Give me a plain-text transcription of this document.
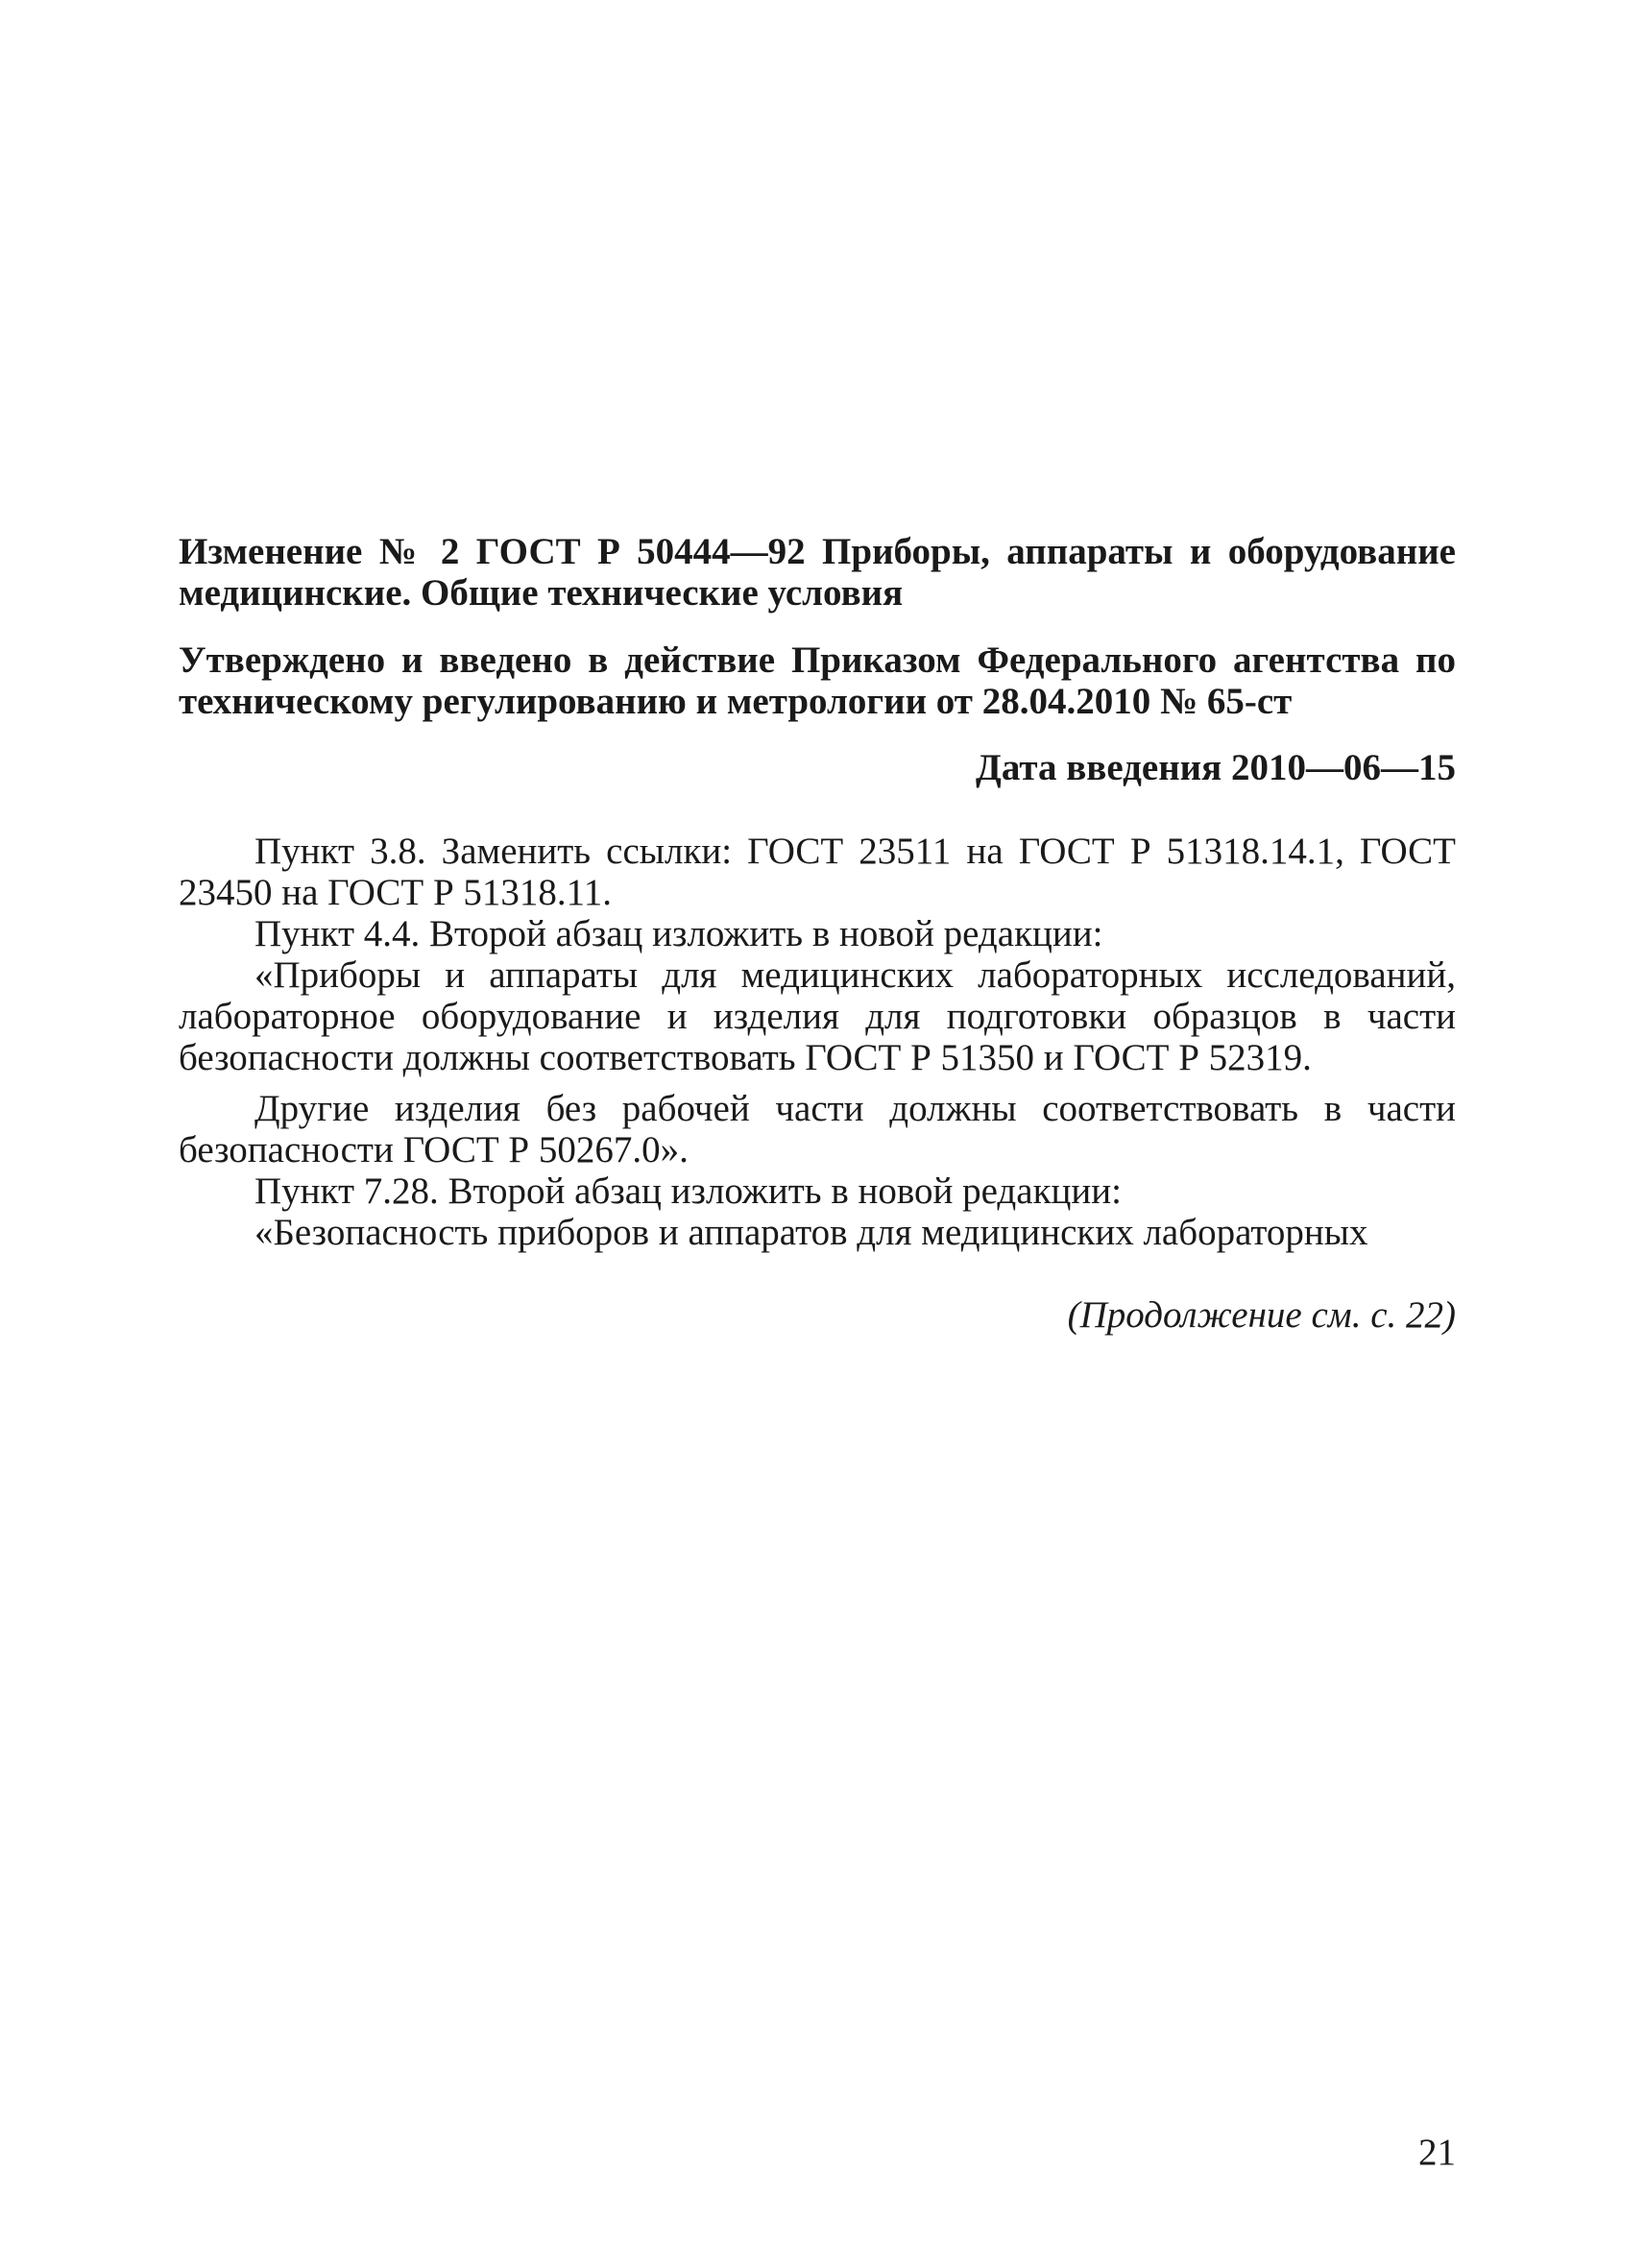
Изменение № 2 ГОСТ Р 50444—92 Приборы, аппараты и оборудование медицинские. Общие технические условия

Утверждено и введено в действие Приказом Федерального агентства по техническому регулированию и метрологии от 28.04.2010 № 65-ст

Дата введения 2010—06—15

Пункт 3.8. Заменить ссылки: ГОСТ 23511 на ГОСТ Р 51318.14.1, ГОСТ 23450 на ГОСТ Р 51318.11.

Пункт 4.4. Второй абзац изложить в новой редакции:

«Приборы и аппараты для медицинских лабораторных исследований, лабораторное оборудование и изделия для подготовки образцов в части безопасности должны соответствовать ГОСТ Р 51350 и ГОСТ Р 52319.

Другие изделия без рабочей части должны соответствовать в части безопасности ГОСТ Р 50267.0».

Пункт 7.28. Второй абзац изложить в новой редакции:

«Безопасность приборов и аппаратов для медицинских лабораторных

(Продолжение см. с. 22)

21
